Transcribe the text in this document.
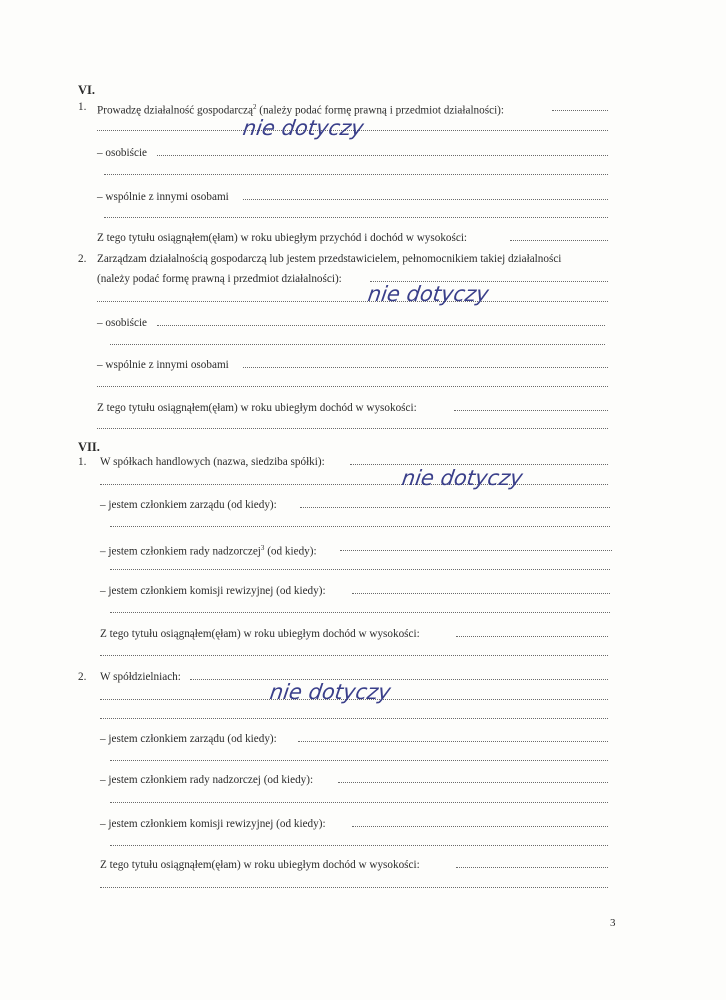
VI.
1. Prowadzę działalność gospodarczą$^2$ (należy podać formę prawną i przedmiot działalności):
nie dotyczy
– osobiście
– wspólnie z innymi osobami
Z tego tytułu osiągnąłem(ęłam) w roku ubiegłym przychód i dochód w wysokości:
2. Zarządzam działalnością gospodarczą lub jestem przedstawicielem, pełnomocnikiem takiej działalności
(należy podać formę prawną i przedmiot działalności):
nie dotyczy
– osobiście
– wspólnie z innymi osobami
Z tego tytułu osiągnąłem(ęłam) w roku ubiegłym dochód w wysokości:
VII.
1. W spółkach handlowych (nazwa, siedziba spółki):
nie dotyczy
– jestem członkiem zarządu (od kiedy):
– jestem członkiem rady nadzorczej$^3$ (od kiedy):
– jestem członkiem komisji rewizyjnej (od kiedy):
Z tego tytułu osiągnąłem(ęłam) w roku ubiegłym dochód w wysokości:
2. W spółdzielniach:
nie dotyczy
– jestem członkiem zarządu (od kiedy):
– jestem członkiem rady nadzorczej (od kiedy):
– jestem członkiem komisji rewizyjnej (od kiedy):
Z tego tytułu osiągnąłem(ęłam) w roku ubiegłym dochód w wysokości:
3
